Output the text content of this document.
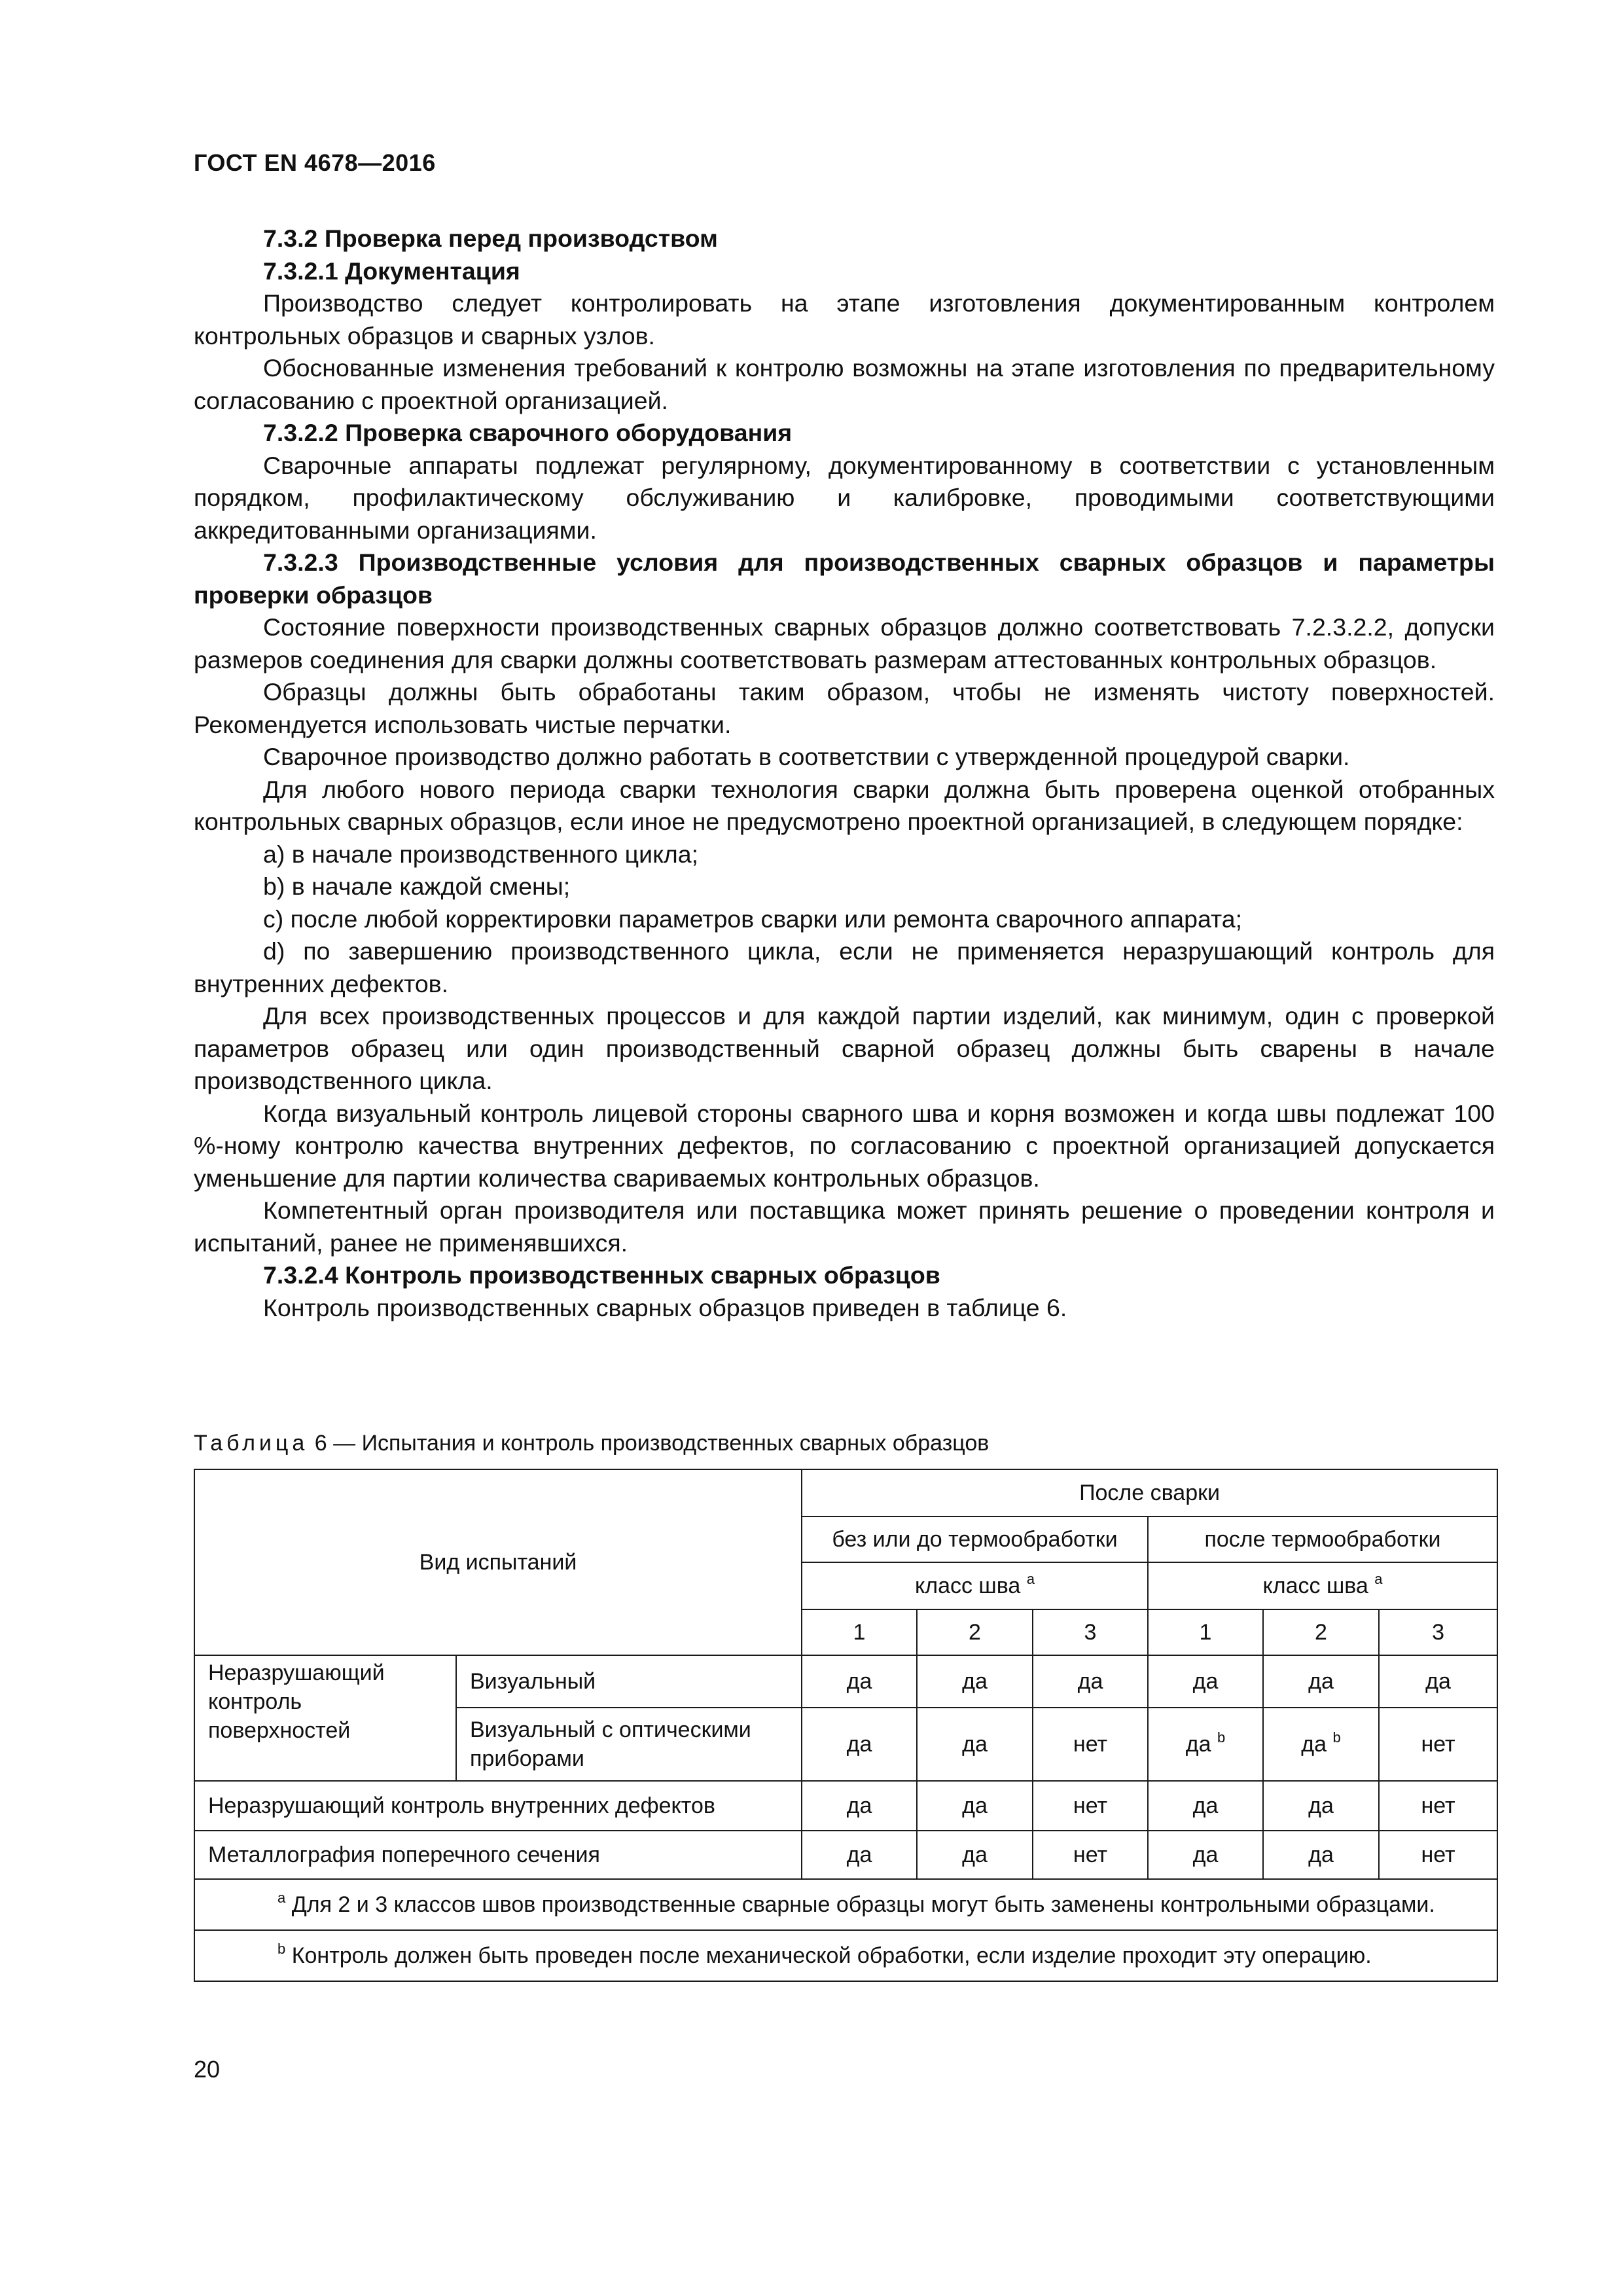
ГОСТ EN 4678—2016

7.3.2 Проверка перед производством

7.3.2.1 Документация

Производство следует контролировать на этапе изготовления документированным контролем контрольных образцов и сварных узлов.

Обоснованные изменения требований к контролю возможны на этапе изготовления по предварительному согласованию с проектной организацией.

7.3.2.2 Проверка сварочного оборудования

Сварочные аппараты подлежат регулярному, документированному в соответствии с установленным порядком, профилактическому обслуживанию и калибровке, проводимыми соответствующими аккредитованными организациями.

7.3.2.3 Производственные условия для производственных сварных образцов и параметры проверки образцов

Состояние поверхности производственных сварных образцов должно соответствовать 7.2.3.2.2, допуски размеров соединения для сварки должны соответствовать размерам аттестованных контрольных образцов.

Образцы должны быть обработаны таким образом, чтобы не изменять чистоту поверхностей. Рекомендуется использовать чистые перчатки.

Сварочное производство должно работать в соответствии с утвержденной процедурой сварки.

Для любого нового периода сварки технология сварки должна быть проверена оценкой отобранных контрольных сварных образцов, если иное не предусмотрено проектной организацией, в следующем порядке:

a) в начале производственного цикла;

b) в начале каждой смены;

c) после любой корректировки параметров сварки или ремонта сварочного аппарата;

d) по завершению производственного цикла, если не применяется неразрушающий контроль для внутренних дефектов.

Для всех производственных процессов и для каждой партии изделий, как минимум, один с проверкой параметров образец или один производственный сварной образец должны быть сварены в начале производственного цикла.

Когда визуальный контроль лицевой стороны сварного шва и корня возможен и когда швы подлежат 100 %-ному контролю качества внутренних дефектов, по согласованию с проектной организацией допускается уменьшение для партии количества свариваемых контрольных образцов.

Компетентный орган производителя или поставщика может принять решение о проведении контроля и испытаний, ранее не применявшихся.

7.3.2.4 Контроль производственных сварных образцов

Контроль производственных сварных образцов приведен в таблице 6.

Таблица 6 — Испытания и контроль производственных сварных образцов
Вид испытаний		После сварки					
		без или до термообработки			после термообработки		
		класс шва $^a$			класс шва $^a$
		1	2	3	1	2	3
Неразрушающий контроль поверхностей	Визуальный	да	да	да	да	да	да
	Визуальный с оптическими приборами	да	да	нет	да $^b$	да $^b$	нет
Неразрушающий контроль внутренних дефектов		да	да	нет	да	да	нет
Металлография поперечного сечения		да	да	нет	да	да	нет
$^a$ Для 2 и 3 классов швов производственные сварные образцы могут быть заменены контрольными образцами.							
$^b$ Контроль должен быть проведен после механической обработки, если изделие проходит эту операцию.							
20
